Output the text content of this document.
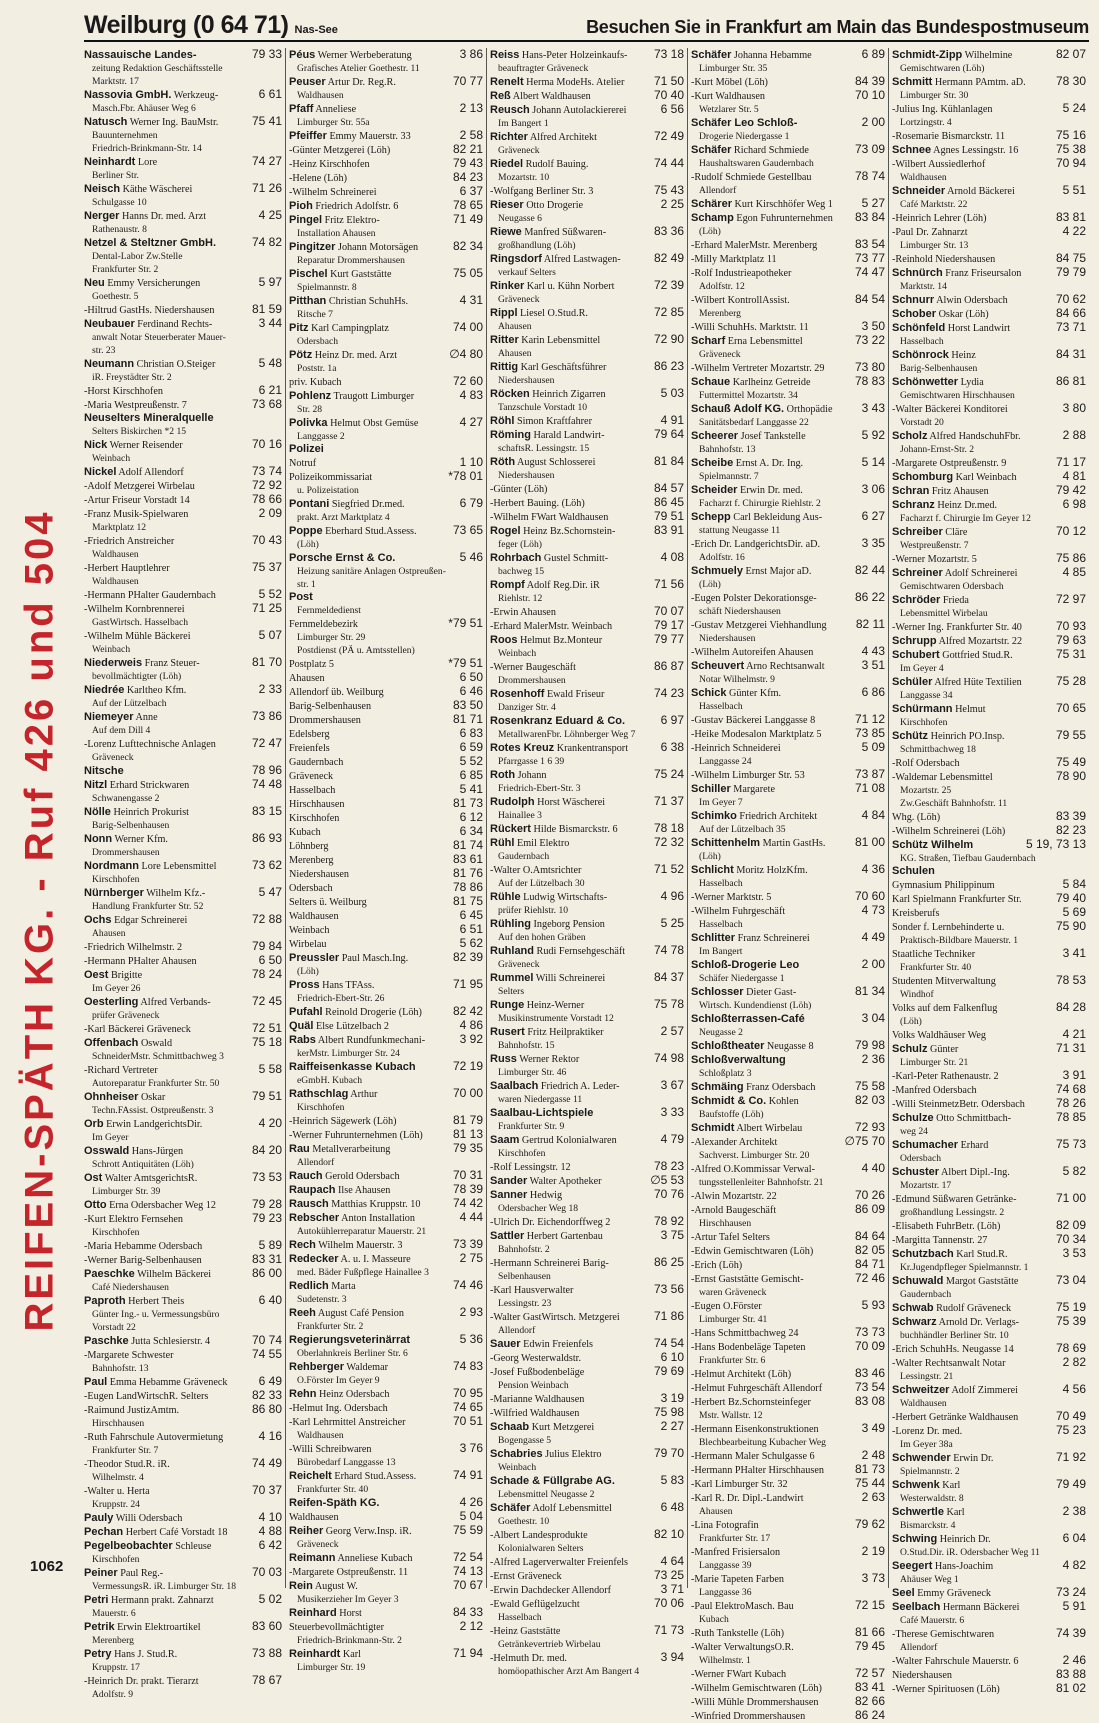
Weilburg (0 64 71) Nas-See	Besuchen Sie in Frankfurt am Main das Bundespostmuseum
REIFEN-SPÄTH KG. - Ruf 426 und 504
1062
Nassauische Landes-	79 33
zeitung Redaktion Geschäftsstelle
Marktstr. 17
Nassovia GmbH. Werkzeug-	6 61
Masch.Fbr. Ahäuser Weg 6
Natusch Werner Ing. BauMstr.	75 41
Bauunternehmen
Friedrich-Brinkmann-Str. 14
Neinhardt Lore	74 27
Berliner Str.
Neisch Käthe Wäscherei	71 26
Schulgasse 10
Nerger Hanns Dr. med. Arzt	4 25
Rathenaustr. 8
Netzel & Steltzner GmbH.	74 82
Dental-Labor Zw.Stelle
Frankfurter Str. 2
Neu Emmy Versicherungen	5 97
Goethestr. 5
-Hiltrud GastHs. Niedershausen	81 59
Neubauer Ferdinand Rechts-	3 44
anwalt Notar Steuerberater Mauer-
str. 23
Neumann Christian O.Steiger	5 48
iR. Freystädter Str. 2
-Horst Kirschhofen	6 21
-Maria Westpreußenstr. 7	73 68
Neuselters Mineralquelle
Selters Biskirchen *2 15
Nick Werner Reisender	70 16
Weinbach
Nickel Adolf Allendorf	73 74
-Adolf Metzgerei Wirbelau	72 92
-Artur Friseur Vorstadt 14	78 66
-Franz Musik-Spielwaren	2 09
Marktplatz 12
-Friedrich Anstreicher	70 43
Waldhausen
-Herbert Hauptlehrer	75 37
Waldhausen
-Hermann PHalter Gaudernbach	5 52
-Wilhelm Kornbrennerei	71 25
GastWirtsch. Hasselbach
-Wilhelm Mühle Bäckerei	5 07
Weinbach
Niederweis Franz Steuer-	81 70
bevollmächtigter (Löh)
Niedrée Karltheo Kfm.	2 33
Auf der Lützelbach
Niemeyer Anne	73 86
Auf dem Dill 4
-Lorenz Lufttechnische Anlagen	72 47
Gräveneck
Nitsche	78 96
Nitzl Erhard Strickwaren	74 48
Schwanengasse 2
Nölle Heinrich Prokurist	83 15
Barig-Selbenhausen
Nonn Werner Kfm.	86 93
Drommershausen
Nordmann Lore Lebensmittel	73 62
Kirschhofen
Nürnberger Wilhelm Kfz.-	5 47
Handlung Frankfurter Str. 52
Ochs Edgar Schreinerei	72 88
Ahausen
-Friedrich Wilhelmstr. 2	79 84
-Hermann PHalter Ahausen	6 50
Oest Brigitte	78 24
Im Geyer 26
Oesterling Alfred Verbands-	72 45
prüfer Gräveneck
-Karl Bäckerei Gräveneck	72 51
Offenbach Oswald	75 18
SchneiderMstr. Schmittbachweg 3
-Richard Vertreter	5 58
Autoreparatur Frankfurter Str. 50
Ohnheiser Oskar	79 51
Techn.FAssist. Ostpreußenstr. 3
Orb Erwin LandgerichtsDir.	4 20
Im Geyer
Osswald Hans-Jürgen	84 20
Schrott Antiquitäten (Löh)
Ost Walter AmtsgerichtsR.	73 53
Limburger Str. 39
Otto Erna Odersbacher Weg 12	79 28
-Kurt Elektro Fernsehen	79 23
Kirschhofen
-Maria Hebamme Odersbach	5 89
-Werner Barig-Selbenhausen	83 31
Paeschke Wilhelm Bäckerei	86 00
Café Niedershausen
Paproth Herbert Theis	6 40
Günter Ing.- u. Vermessungsbüro
Vorstadt 22
Paschke Jutta Schlesierstr. 4	70 74
-Margarete Schwester	74 55
Bahnhofstr. 13
Paul Emma Hebamme Gräveneck	6 49
-Eugen LandWirtschR. Selters	82 33
-Raimund JustizAmtm.	86 80
Hirschhausen
-Ruth Fahrschule Autovermietung	4 16
Frankfurter Str. 7
-Theodor Stud.R. iR.	74 49
Wilhelmstr. 4
-Walter u. Herta	70 37
Kruppstr. 24
Pauly Willi Odersbach	4 10
Pechan Herbert Café Vorstadt 18	4 88
Pegelbeobachter Schleuse	6 42
Kirschhofen
Peiner Paul Reg.-	70 03
VermessungsR. iR. Limburger Str. 18
Petri Hermann prakt. Zahnarzt	5 02
Mauerstr. 6
Petrik Erwin Elektroartikel	83 60
Merenberg
Petry Hans J. Stud.R.	73 88
Kruppstr. 17
-Heinrich Dr. prakt. Tierarzt	78 67
Adolfstr. 9
Péus Werner Werbeberatung	3 86
Grafisches Atelier Goethestr. 11
Peuser Artur Dr. Reg.R.	70 77
Waldhausen
Pfaff Anneliese	2 13
Limburger Str. 55a
Pfeiffer Emmy Mauerstr. 33	2 58
-Günter Metzgerei (Löh)	82 21
-Heinz Kirschhofen	79 43
-Helene (Löh)	84 23
-Wilhelm Schreinerei	6 37
Pioh Friedrich Adolfstr. 6	78 65
Pingel Fritz Elektro-	71 49
Installation Ahausen
Pingitzer Johann Motorsägen	82 34
Reparatur Drommershausen
Pischel Kurt Gaststätte	75 05
Spielmannstr. 8
Pitthan Christian SchuhHs.	4 31
Ritsche 7
Pitz Karl Campingplatz	74 00
Odersbach
Pötz Heinz Dr. med. Arzt	∅4 80
Poststr. 1a
priv. Kubach	72 60
Pohlenz Traugott Limburger	4 83
Str. 28
Polivka Helmut Obst Gemüse	4 27
Langgasse 2
Polizei
Notruf	1 10
Polizeikommissariat	*78 01
u. Polizeistation
Pontani Siegfried Dr.med.	6 79
prakt. Arzt Marktplatz 4
Poppe Eberhard Stud.Assess.	73 65
(Löh)
Porsche Ernst & Co.	5 46
Heizung sanitäre Anlagen Ostpreußen-
str. 1
Post
Fernmeldedienst
Fernmeldebezirk	*79 51
Limburger Str. 29
Postdienst (PÄ u. Amtsstellen)
Postplatz 5	*79 51
Ahausen	6 50
Allendorf üb. Weilburg	6 46
Barig-Selbenhausen	83 50
Drommershausen	81 71
Edelsberg	6 83
Freienfels	6 59
Gaudernbach	5 52
Gräveneck	6 85
Hasselbach	5 41
Hirschhausen	81 73
Kirschhofen	6 12
Kubach	6 34
Löhnberg	81 74
Merenberg	83 61
Niedershausen	81 76
Odersbach	78 86
Selters ü. Weilburg	81 75
Waldhausen	6 45
Weinbach	6 51
Wirbelau	5 62
Preussler Paul Masch.Ing.	82 39
(Löh)
Pross Hans TFAss.	71 95
Friedrich-Ebert-Str. 26
Pufahl Reinold Drogerie (Löh)	82 42
Quäl Else Lützelbach 2	4 86
Rabs Albert Rundfunkmechani-	3 92
kerMstr. Limburger Str. 24
Raiffeisenkasse Kubach	72 19
eGmbH. Kubach
Rathschlag Arthur	70 00
Kirschhofen
-Heinrich Sägewerk (Löh)	81 79
-Werner Fuhrunternehmen (Löh)	81 13
Rau Metallverarbeitung	79 35
Allendorf
Rauch Gerold Odersbach	70 31
Raupach Ilse Ahausen	78 39
Rausch Matthias Kruppstr. 10	74 42
Rebscher Anton Installation	4 44
Autokühlerreparatur Mauerstr. 21
Rech Wilhelm Mauerstr. 3	73 39
Redecker A. u. I. Masseure	2 75
med. Bäder Fußpflege Hainallee 3
Redlich Marta	74 46
Sudetenstr. 3
Reeh August Café Pension	2 93
Frankfurter Str. 2
Regierungsveterinärrat	5 36
Oberlahnkreis Berliner Str. 6
Rehberger Waldemar	74 83
O.Förster Im Geyer 9
Rehn Heinz Odersbach	70 95
-Helmut Ing. Odersbach	74 65
-Karl Lehrmittel Anstreicher	70 51
Waldhausen
-Willi Schreibwaren	3 76
Bürobedarf Langgasse 13
Reichelt Erhard Stud.Assess.	74 91
Frankfurter Str. 40
Reifen-Späth KG.	4 26
Waldhausen	5 04
Reiher Georg Verw.Insp. iR.	75 59
Gräveneck
Reimann Anneliese Kubach	72 54
-Margarete Ostpreußenstr. 11	74 13
Rein August W.	70 67
Musikerzieher Im Geyer 3
Reinhard Horst	84 33
Steuerbevollmächtigter	2 12
Friedrich-Brinkmann-Str. 2
Reinhardt Karl	71 94
Limburger Str. 19
Reiss Hans-Peter Holzeinkaufs-	73 18
beauftragter Gräveneck
Renelt Herma ModeHs. Atelier	71 50
Reß Albert Waldhausen	70 40
Reusch Johann Autolackiererei	6 56
Im Bangert 1
Richter Alfred Architekt	72 49
Gräveneck
Riedel Rudolf Bauing.	74 44
Mozartstr. 10
-Wolfgang Berliner Str. 3	75 43
Rieser Otto Drogerie	2 25
Neugasse 6
Riewe Manfred Süßwaren-	83 36
großhandlung (Löh)
Ringsdorf Alfred Lastwagen-	82 49
verkauf Selters
Rinker Karl u. Kühn Norbert	72 39
Gräveneck
Rippl Liesel O.Stud.R.	72 85
Ahausen
Ritter Karin Lebensmittel	72 90
Ahausen
Rittig Karl Geschäftsführer	86 23
Niedershausen
Röcken Heinrich Zigarren	5 03
Tanzschule Vorstadt 10
Röhl Simon Kraftfahrer	4 91
Röming Harald Landwirt-	79 64
schaftsR. Lessingstr. 15
Röth August Schlosserei	81 84
Niedershausen
-Günter (Löh)	84 57
-Herbert Bauing. (Löh)	86 45
-Wilhelm FWart Waldhausen	79 51
Rogel Heinz Bz.Schornstein-	83 91
feger (Löh)
Rohrbach Gustel Schmitt-	4 08
bachweg 15
Rompf Adolf Reg.Dir. iR	71 56
Riehlstr. 12
-Erwin Ahausen	70 07
-Erhard MalerMstr. Weinbach	79 17
Roos Helmut Bz.Monteur	79 77
Weinbach
-Werner Baugeschäft	86 87
Drommershausen
Rosenhoff Ewald Friseur	74 23
Danziger Str. 4
Rosenkranz Eduard & Co.	6 97
MetallwarenFbr. Löhnberger Weg 7
Rotes Kreuz Krankentransport	6 38
Pfarrgasse 1 6 39
Roth Johann	75 24
Friedrich-Ebert-Str. 3
Rudolph Horst Wäscherei	71 37
Hainallee 3
Rückert Hilde Bismarckstr. 6	78 18
Rühl Emil Elektro	72 32
Gaudernbach
-Walter O.Amtsrichter	71 52
Auf der Lützelbach 30
Rühle Ludwig Wirtschafts-	4 96
prüfer Riehlstr. 10
Rühling Ingeborg Pension	5 25
Auf den hohen Gräben
Ruhland Rudi Fernsehgeschäft	74 78
Gräveneck
Rummel Willi Schreinerei	84 37
Selters
Runge Heinz-Werner	75 78
Musikinstrumente Vorstadt 12
Rusert Fritz Heilpraktiker	2 57
Bahnhofstr. 15
Russ Werner Rektor	74 98
Limburger Str. 46
Saalbach Friedrich A. Leder-	3 67
waren Niedergasse 11
Saalbau-Lichtspiele	3 33
Frankfurter Str. 9
Saam Gertrud Kolonialwaren	4 79
Kirschhofen
-Rolf Lessingstr. 12	78 23
Sander Walter Apotheker	∅5 53
Sanner Hedwig	70 76
Odersbacher Weg 18
-Ulrich Dr. Eichendorffweg 2	78 92
Sattler Herbert Gartenbau	3 75
Bahnhofstr. 2
-Hermann Schreinerei Barig-	86 25
Selbenhausen
-Karl Hausverwalter	73 56
Lessingstr. 23
-Walter GastWirtsch. Metzgerei	71 86
Allendorf
Sauer Edwin Freienfels	74 54
-Georg Westerwaldstr.	6 10
-Josef Fußbodenbeläge	79 69
Pension Weinbach
-Marianne Waldhausen	3 19
-Wilfried Waldhausen	75 98
Schaab Kurt Metzgerei	2 27
Bogengasse 5
Schabries Julius Elektro	79 70
Weinbach
Schade & Füllgrabe AG.	5 83
Lebensmittel Neugasse 2
Schäfer Adolf Lebensmittel	6 48
Goethestr. 10
-Albert Landesprodukte	82 10
Kolonialwaren Selters
-Alfred Lagerverwalter Freienfels	4 64
-Ernst Gräveneck	73 25
-Erwin Dachdecker Allendorf	3 71
-Ewald Geflügelzucht	70 06
Hasselbach
-Heinz Gaststätte	71 73
Getränkevertrieb Wirbelau
-Helmuth Dr. med.	3 94
homöopathischer Arzt Am Bangert 4
Schäfer Johanna Hebamme	6 89
Limburger Str. 35
-Kurt Möbel (Löh)	84 39
-Kurt Waldhausen	70 10
Wetzlarer Str. 5
Schäfer Leo Schloß-	2 00
Drogerie Niedergasse 1
Schäfer Richard Schmiede	73 09
Haushaltswaren Gaudernbach
-Rudolf Schmiede Gestellbau	78 74
Allendorf
Schärer Kurt Kirschhöfer Weg 1	5 27
Schamp Egon Fuhrunternehmen	83 84
(Löh)
-Erhard MalerMstr. Merenberg	83 54
-Milly Marktplatz 11	73 77
-Rolf Industrieapotheker	74 47
Adolfstr. 12
-Wilbert KontrollAssist.	84 54
Merenberg
-Willi SchuhHs. Marktstr. 11	3 50
Scharf Erna Lebensmittel	73 22
Gräveneck
-Wilhelm Vertreter Mozartstr. 29	73 80
Schaue Karlheinz Getreide	78 83
Futtermittel Mozartstr. 34
Schauß Adolf KG. Orthopädie	3 43
Sanitätsbedarf Langgasse 22
Scheerer Josef Tankstelle	5 92
Bahnhofstr. 13
Scheibe Ernst A. Dr. Ing.	5 14
Spielmannstr. 7
Scheider Erwin Dr. med.	3 06
Facharzt f. Chirurgie Riehlstr. 2
Schepp Carl Bekleidung Aus-	6 27
stattung Neugasse 11
-Erich Dr. LandgerichtsDir. aD.	3 35
Adolfstr. 16
Schmuely Ernst Major aD.	82 44
(Löh)
-Eugen Polster Dekorationsge-	86 22
schäft Niedershausen
-Gustav Metzgerei Viehhandlung	82 11
Niedershausen
-Wilhelm Autoreifen Ahausen	4 43
Scheuvert Arno Rechtsanwalt	3 51
Notar Wilhelmstr. 9
Schick Günter Kfm.	6 86
Hasselbach
-Gustav Bäckerei Langgasse 8	71 12
-Heike Modesalon Marktplatz 5	73 85
-Heinrich Schneiderei	5 09
Langgasse 24
-Wilhelm Limburger Str. 53	73 87
Schiller Margarete	71 08
Im Geyer 7
Schimko Friedrich Architekt	4 84
Auf der Lützelbach 35
Schittenhelm Martin GastHs.	81 00
(Löh)
Schlicht Moritz HolzKfm.	4 36
Hasselbach
-Werner Marktstr. 5	70 60
-Wilhelm Fuhrgeschäft	4 73
Hasselbach
Schlitter Franz Schreinerei	4 49
Im Bangert
Schloß-Drogerie Leo	2 00
Schäfer Niedergasse 1
Schlosser Dieter Gast-	81 34
Wirtsch. Kundendienst (Löh)
Schloßterrassen-Café	3 04
Neugasse 2
Schloßtheater Neugasse 8	79 98
Schloßverwaltung	2 36
Schloßplatz 3
Schmäing Franz Odersbach	75 58
Schmidt & Co. Kohlen	82 03
Baufstoffe (Löh)
Schmidt Albert Wirbelau	72 93
-Alexander Architekt	∅75 70
Sachverst. Limburger Str. 20
-Alfred O.Kommissar Verwal-	4 40
tungsstellenleiter Bahnhofstr. 21
-Alwin Mozartstr. 22	70 26
-Arnold Baugeschäft	86 09
Hirschhausen
-Artur Tafel Selters	84 64
-Edwin Gemischtwaren (Löh)	82 05
-Erich (Löh)	84 71
-Ernst Gaststätte Gemischt-	72 46
waren Gräveneck
-Eugen O.Förster	5 93
Limburger Str. 41
-Hans Schmittbachweg 24	73 73
-Hans Bodenbeläge Tapeten	70 09
Frankfurter Str. 6
-Helmut Architekt (Löh)	83 46
-Helmut Fuhrgeschäft Allendorf	73 54
-Herbert Bz.Schornsteinfeger	83 08
Mstr. Wallstr. 12
-Hermann Eisenkonstruktionen	3 49
Blechbearbeitung Kubacher Weg
-Hermann Maler Schulgasse 6	2 48
-Hermann PHalter Hirschhausen	81 73
-Karl Limburger Str. 32	75 44
-Karl R. Dr. Dipl.-Landwirt	2 63
Ahausen
-Lina Fotografin	79 62
Frankfurter Str. 17
-Manfred Frisiersalon	2 19
Langgasse 39
-Marie Tapeten Farben	3 73
Langgasse 36
-Paul ElektroMasch. Bau	72 15
Kubach
-Ruth Tankstelle (Löh)	81 66
-Walter VerwaltungsO.R.	79 45
Wilhelmstr. 1
-Werner FWart Kubach	72 57
-Wilhelm Gemischtwaren (Löh)	83 41
-Willi Mühle Drommershausen	82 66
-Winfried Drommershausen	86 24
Schmidt-Zipp Wilhelmine	82 07
Gemischtwaren (Löh)
Schmitt Hermann PAmtm. aD.	78 30
Limburger Str. 30
-Julius Ing. Kühlanlagen	5 24
Lortzingstr. 4
-Rosemarie Bismarckstr. 11	75 16
Schnee Agnes Lessingstr. 16	75 38
-Wilbert Aussiedlerhof	70 94
Waldhausen
Schneider Arnold Bäckerei	5 51
Café Marktstr. 22
-Heinrich Lehrer (Löh)	83 81
-Paul Dr. Zahnarzt	4 22
Limburger Str. 13
-Reinhold Niedershausen	84 75
Schnürch Franz Friseursalon	79 79
Marktstr. 14
Schnurr Alwin Odersbach	70 62
Schober Oskar (Löh)	84 66
Schönfeld Horst Landwirt	73 71
Hasselbach
Schönrock Heinz	84 31
Barig-Selbenhausen
Schönwetter Lydia	86 81
Gemischtwaren Hirschhausen
-Walter Bäckerei Konditorei	3 80
Vorstadt 20
Scholz Alfred HandschuhFbr.	2 88
Johann-Ernst-Str. 2
-Margarete Ostpreußenstr. 9	71 17
Schomburg Karl Weinbach	4 81
Schran Fritz Ahausen	79 42
Schranz Heinz Dr.med.	6 98
Facharzt f. Chirurgie Im Geyer 12
Schreiber Cläre	70 12
Westpreußenstr. 7
-Werner Mozartstr. 5	75 86
Schreiner Adolf Schreinerei	4 85
Gemischtwaren Odersbach
Schröder Frieda	72 97
Lebensmittel Wirbelau
-Werner Ing. Frankfurter Str. 40	70 93
Schrupp Alfred Mozartstr. 22	79 63
Schubert Gottfried Stud.R.	75 31
Im Geyer 4
Schüler Alfred Hüte Textilien	75 28
Langgasse 34
Schürmann Helmut	70 65
Kirschhofen
Schütz Heinrich PO.Insp.	79 55
Schmittbachweg 18
-Rolf Odersbach	75 49
-Waldemar Lebensmittel	78 90
Mozartstr. 25
Zw.Geschäft Bahnhofstr. 11
Whg. (Löh)	83 39
-Wilhelm Schreinerei (Löh)	82 23
Schütz Wilhelm	5 19, 73 13
KG. Straßen, Tiefbau Gaudernbach
Schulen
Gymnasium Philippinum	5 84
Karl Spielmann Frankfurter Str.	79 40
Kreisberufs	5 69
Sonder f. Lernbehinderte u.	75 90
Praktisch-Bildbare Mauerstr. 1
Staatliche Techniker	3 41
Frankfurter Str. 40
Studenten Mitverwaltung	78 53
Windhof
Volks auf dem Falkenflug	84 28
(Löh)
Volks Waldhäuser Weg	4 21
Schulz Günter	71 31
Limburger Str. 21
-Karl-Peter Rathenaustr. 2	3 91
-Manfred Odersbach	74 68
-Willi SteinmetzBetr. Odersbach	78 26
Schulze Otto Schmittbach-	78 85
weg 24
Schumacher Erhard	75 73
Odersbach
Schuster Albert Dipl.-Ing.	5 82
Mozartstr. 17
-Edmund Süßwaren Getränke-	71 00
großhandlung Lessingstr. 2
-Elisabeth FuhrBetr. (Löh)	82 09
-Margitta Tannenstr. 27	70 34
Schutzbach Karl Stud.R.	3 53
Kr.Jugendpfleger Spielmannstr. 1
Schuwald Margot Gaststätte	73 04
Gaudernbach
Schwab Rudolf Gräveneck	75 19
Schwarz Arnold Dr. Verlags-	75 39
buchhändler Berliner Str. 10
-Erich SchuhHs. Neugasse 14	78 69
-Walter Rechtsanwalt Notar	2 82
Lessingstr. 21
Schweitzer Adolf Zimmerei	4 56
Waldhausen
-Herbert Getränke Waldhausen	70 49
-Lorenz Dr. med.	75 23
Im Geyer 38a
Schwender Erwin Dr.	71 92
Spielmannstr. 2
Schwenk Karl	79 49
Westerwaldstr. 8
Schwertle Karl	2 38
Bismarckstr. 4
Schwing Heinrich Dr.	6 04
O.Stud.Dir. iR. Odersbacher Weg 11
Seegert Hans-Joachim	4 82
Ahäuser Weg 1
Seel Emmy Gräveneck	73 24
Seelbach Hermann Bäckerei	5 91
Café Mauerstr. 6
-Therese Gemischtwaren	74 39
Allendorf
-Walter Fahrschule Mauerstr. 6	2 46
Niedershausen	83 88
-Werner Spirituosen (Löh)	81 02
